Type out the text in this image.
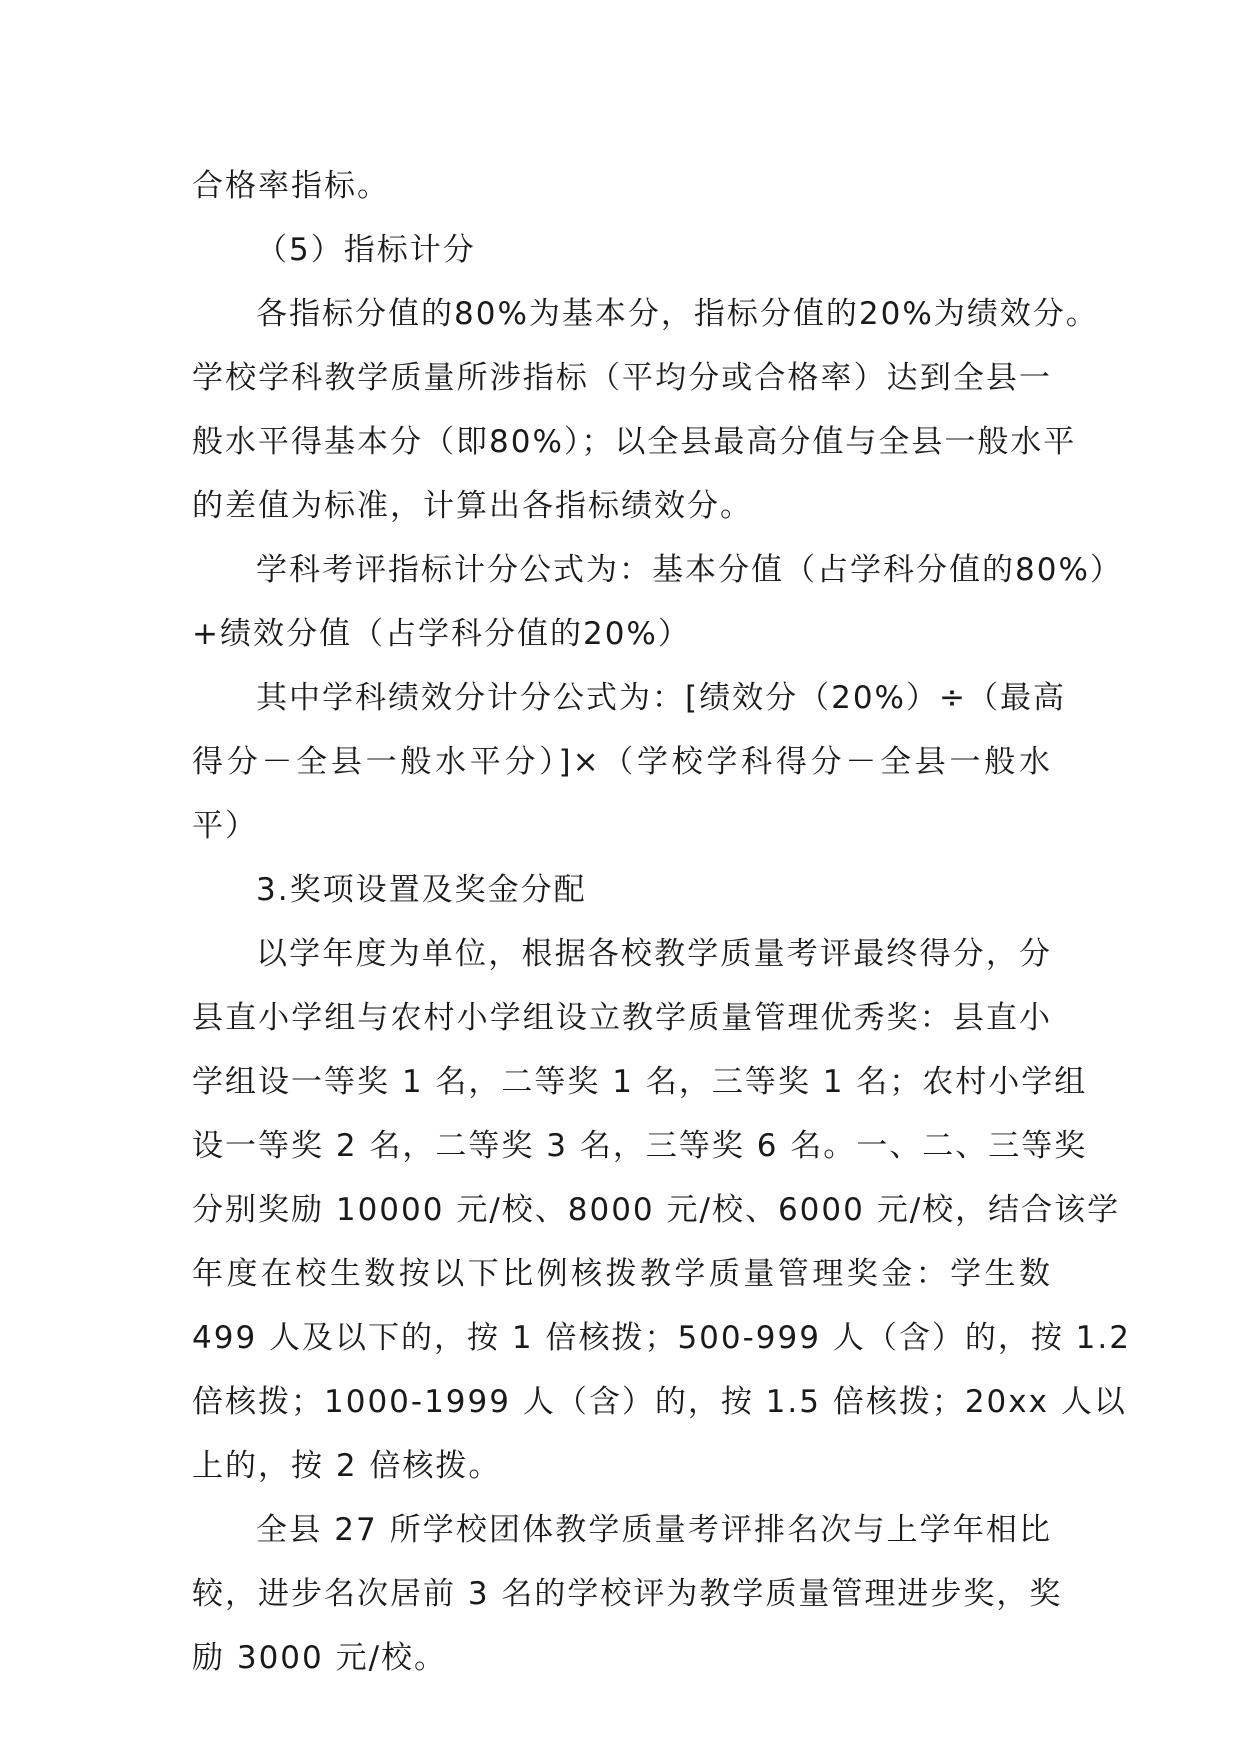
合格率指标。
（5）指标计分
各指标分值的80%为基本分，指标分值的20%为绩效分。
学校学科教学质量所涉指标（平均分或合格率）达到全县一
般水平得基本分（即80%）；以全县最高分值与全县一般水平
的差值为标准，计算出各指标绩效分。
学科考评指标计分公式为：基本分值（占学科分值的80%）
+绩效分值（占学科分值的20%）
其中学科绩效分计分公式为：[绩效分（20%）÷（最高
得分－全县一般水平分）]×（学校学科得分－全县一般水
平）
3.奖项设置及奖金分配
以学年度为单位，根据各校教学质量考评最终得分，分
县直小学组与农村小学组设立教学质量管理优秀奖：县直小
学组设一等奖 1 名，二等奖 1 名，三等奖 1 名；农村小学组
设一等奖 2 名，二等奖 3 名，三等奖 6 名。一、二、三等奖
分别奖励 10000 元/校、8000 元/校、6000 元/校，结合该学
年度在校生数按以下比例核拨教学质量管理奖金：学生数
499 人及以下的，按 1 倍核拨；500-999 人（含）的，按 1.2
倍核拨；1000-1999 人（含）的，按 1.5 倍核拨；20xx 人以
上的，按 2 倍核拨。
全县 27 所学校团体教学质量考评排名次与上学年相比
较，进步名次居前 3 名的学校评为教学质量管理进步奖，奖
励 3000 元/校。
